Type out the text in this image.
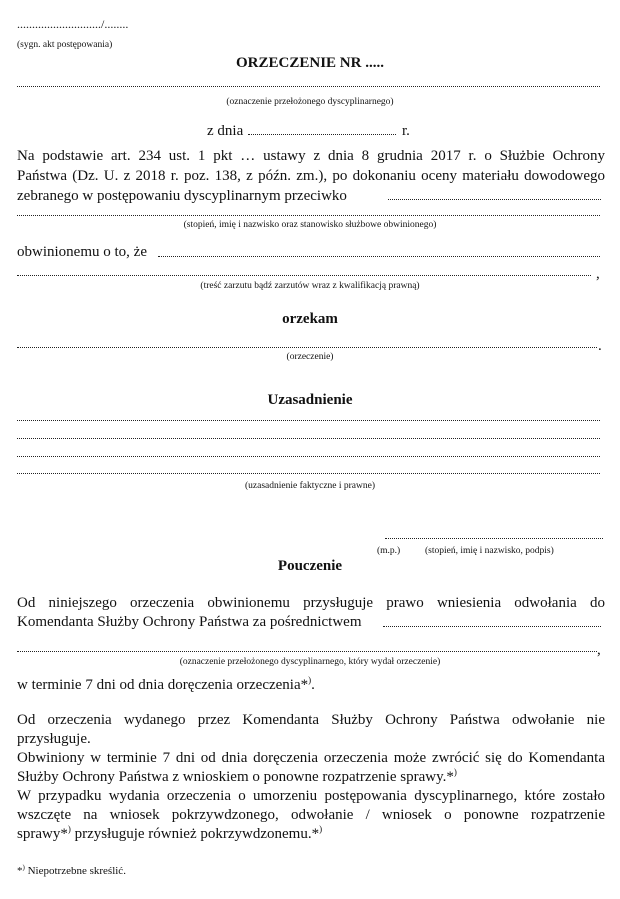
............................/........
(sygn. akt postępowania)
ORZECZENIE NR .....
(oznaczenie przełożonego dyscyplinarnego)
z dnia	r.
Na podstawie art. 234 ust. 1 pkt … ustawy z dnia 8 grudnia 2017 r. o Służbie Ochrony
Państwa (Dz. U. z 2018 r. poz. 138, z późn. zm.), po dokonaniu oceny materiału dowodowego
zebranego w postępowaniu dyscyplinarnym przeciwko
(stopień, imię i nazwisko oraz stanowisko służbowe obwinionego)
obwinionemu o to, że
,
(treść zarzutu bądź zarzutów wraz z kwalifikacją prawną)
orzekam
.
(orzeczenie)
Uzasadnienie
(uzasadnienie faktyczne i prawne)
(m.p.)	(stopień, imię i nazwisko, podpis)
Pouczenie
Od niniejszego orzeczenia obwinionemu przysługuje prawo wniesienia odwołania do
Komendanta Służby Ochrony Państwa za pośrednictwem
,
(oznaczenie przełożonego dyscyplinarnego, który wydał orzeczenie)
w terminie 7 dni od dnia doręczenia orzeczenia*).
Od orzeczenia wydanego przez Komendanta Służby Ochrony Państwa odwołanie nie
przysługuje.
Obwiniony w terminie 7 dni od dnia doręczenia orzeczenia może zwrócić się do Komendanta
Służby Ochrony Państwa z wnioskiem o ponowne rozpatrzenie sprawy.*)
W przypadku wydania orzeczenia o umorzeniu postępowania dyscyplinarnego, które zostało
wszczęte na wniosek pokrzywdzonego, odwołanie / wniosek o ponowne rozpatrzenie
sprawy*) przysługuje również pokrzywdzonemu.*)
*) Niepotrzebne skreślić.
